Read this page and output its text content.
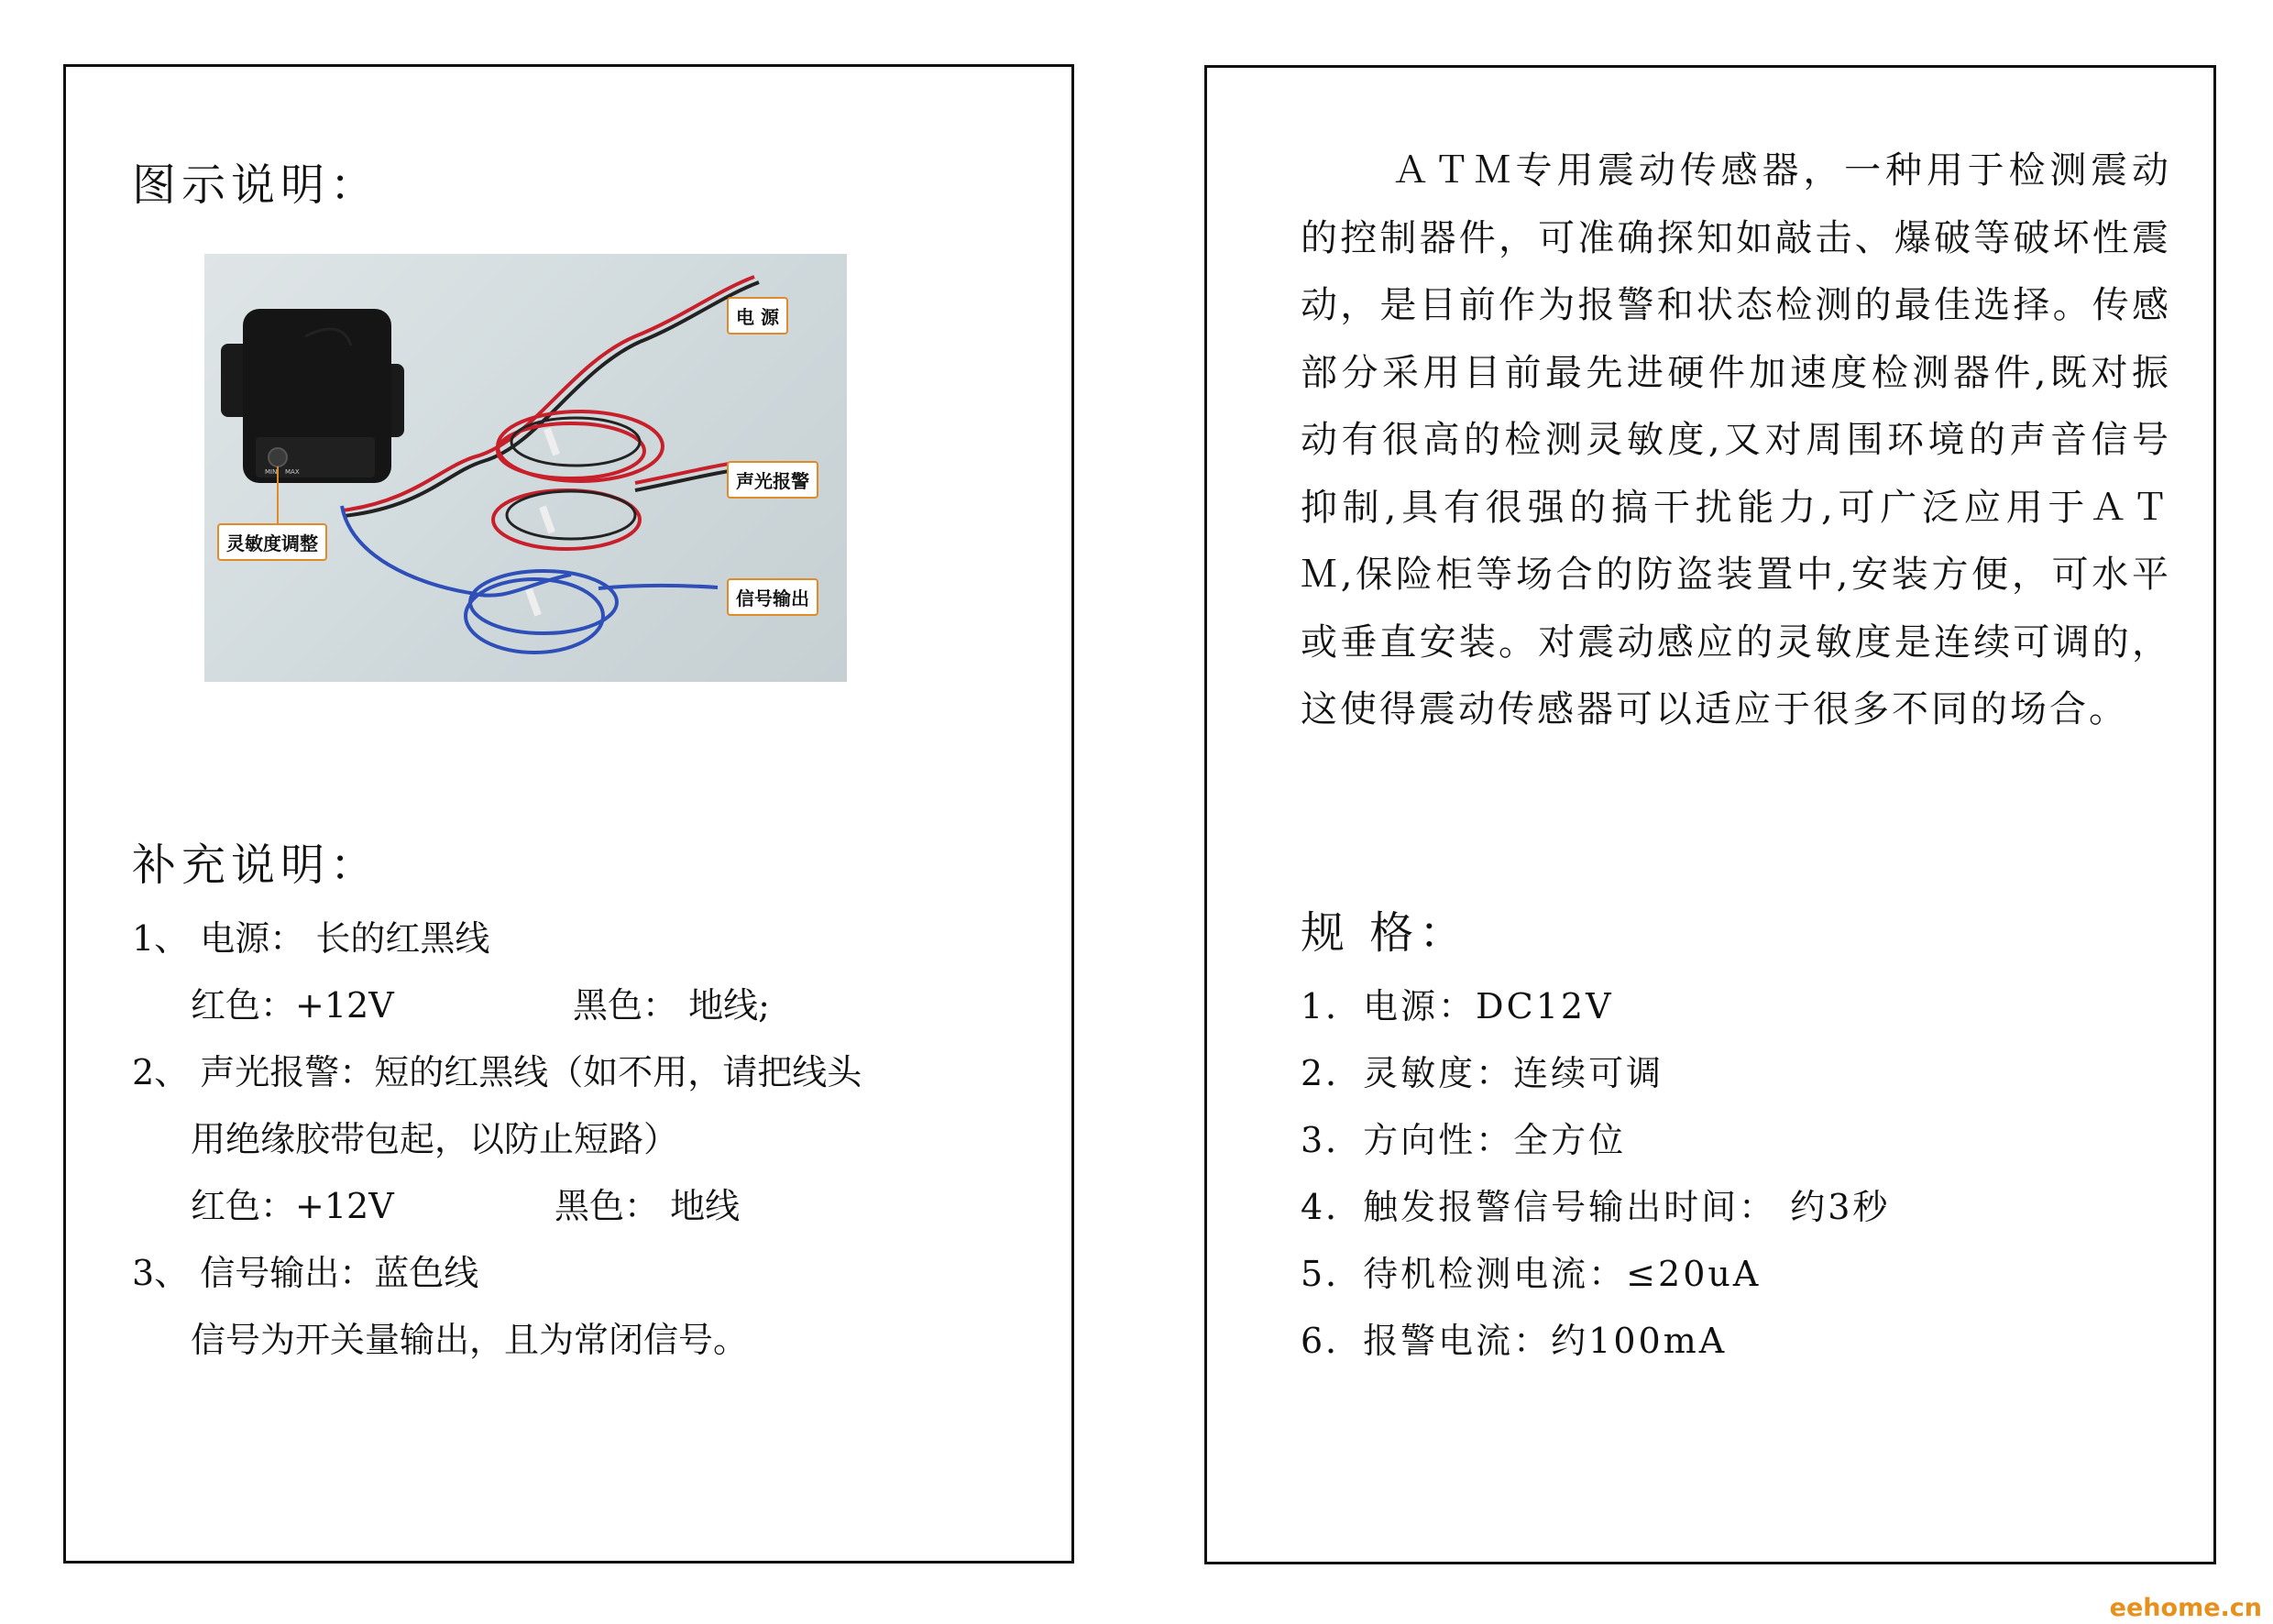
图示说明：
MIN MAX
电 源
声光报警
信号输出
灵敏度调整
补充说明：
1、 电源： 长的红黑线
红色：+12V	黑色： 地线;
2、 声光报警：短的红黑线（如不用，请把线头
用绝缘胶带包起，以防止短路）
红色：+12V	黑色： 地线
3、 信号输出：蓝色线
信号为开关量输出，且为常闭信号。

ＡＴＭ专用震动传感器，一种用于检测震动的控制器件，可准确探知如敲击、爆破等破坏性震动，是目前作为报警和状态检测的最佳选择。传感部分采用目前最先进硬件加速度检测器件,既对振动有很高的检测灵敏度,又对周围环境的声音信号抑制,具有很强的搞干扰能力,可广泛应用于ＡＴＭ,保险柜等场合的防盗装置中,安装方便，可水平或垂直安装。对震动感应的灵敏度是连续可调的，这使得震动传感器可以适应于很多不同的场合。

规 格：
1．电源：DC12V
2．灵敏度：连续可调
3．方向性：全方位
4．触发报警信号输出时间： 约3秒
5．待机检测电流：≤20uA
6．报警电流：约100mA
eehome.cn
